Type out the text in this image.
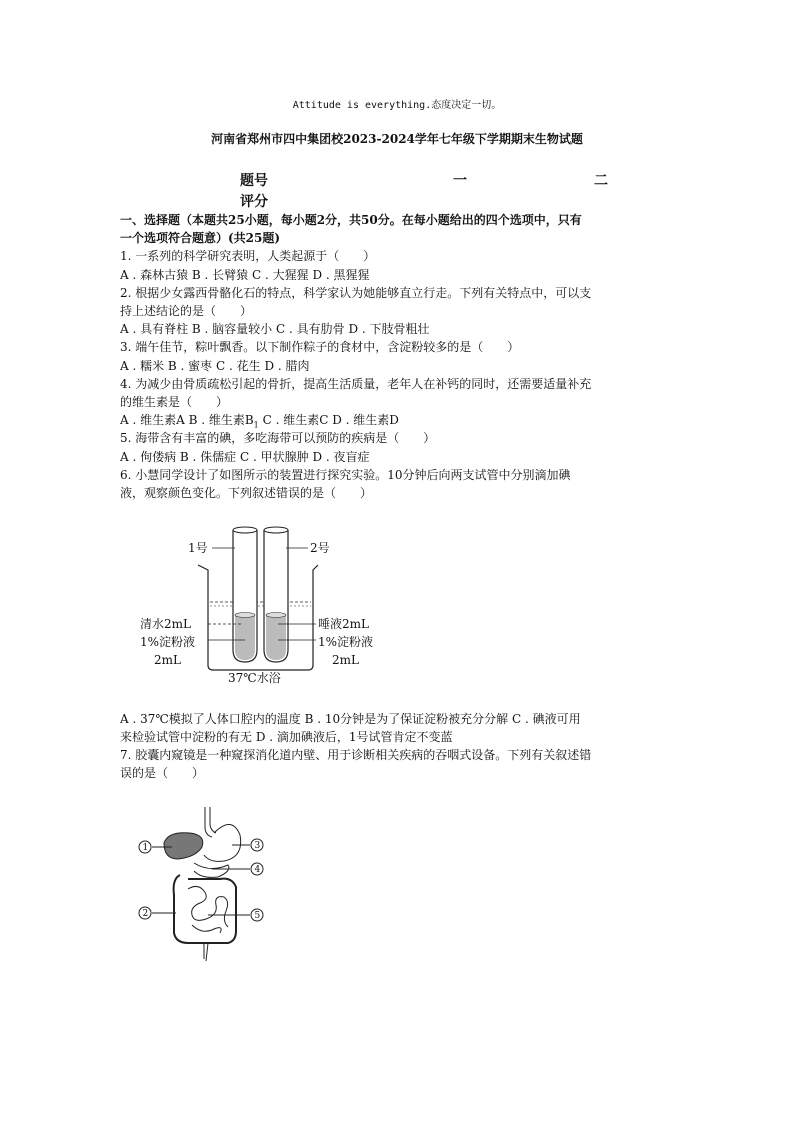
Attitude is everything.态度决定一切。
河南省郑州市四中集团校2023-2024学年七年级下学期期末生物试题
题号	一	二
评分
一、选择题（本题共25小题，每小题2分，共50分。在每小题给出的四个选项中，只有
一个选项符合题意）(共25题)
1. 一系列的科学研究表明，人类起源于（　　）
A . 森林古猿 B . 长臂猿 C . 大猩猩 D . 黑猩猩
2. 根据少女露西骨骼化石的特点，科学家认为她能够直立行走。下列有关特点中，可以支
持上述结论的是（　　）
A . 具有脊柱 B . 脑容量较小 C . 具有肋骨 D . 下肢骨粗壮
3. 端午佳节，粽叶飘香。以下制作粽子的食材中，含淀粉较多的是（　　）
A . 糯米 B . 蜜枣 C . 花生 D . 腊肉
4. 为减少由骨质疏松引起的骨折，提高生活质量，老年人在补钙的同时，还需要适量补充
的维生素是（　　）
A . 维生素A B . 维生素$B_1$ C . 维生素C D . 维生素D
5. 海带含有丰富的碘，多吃海带可以预防的疾病是（　　）
A . 佝偻病 B . 侏儒症 C . 甲状腺肿 D . 夜盲症
6. 小慧同学设计了如图所示的装置进行探究实验。10分钟后向两支试管中分别滴加碘
液，观察颜色变化。下列叙述错误的是（　　）
1号	2号
清水2mL
1%淀粉液
2mL
唾液2mL
1%淀粉液
2mL
37℃水浴
A . 37℃模拟了人体口腔内的温度 B . 10分钟是为了保证淀粉被充分分解 C . 碘液可用
来检验试管中淀粉的有无 D . 滴加碘液后，1号试管肯定不变蓝
7. 胶囊内窥镜是一种窥探消化道内壁、用于诊断相关疾病的吞咽式设备。下列有关叙述错
误的是（　　）
1
2
3
4
5
